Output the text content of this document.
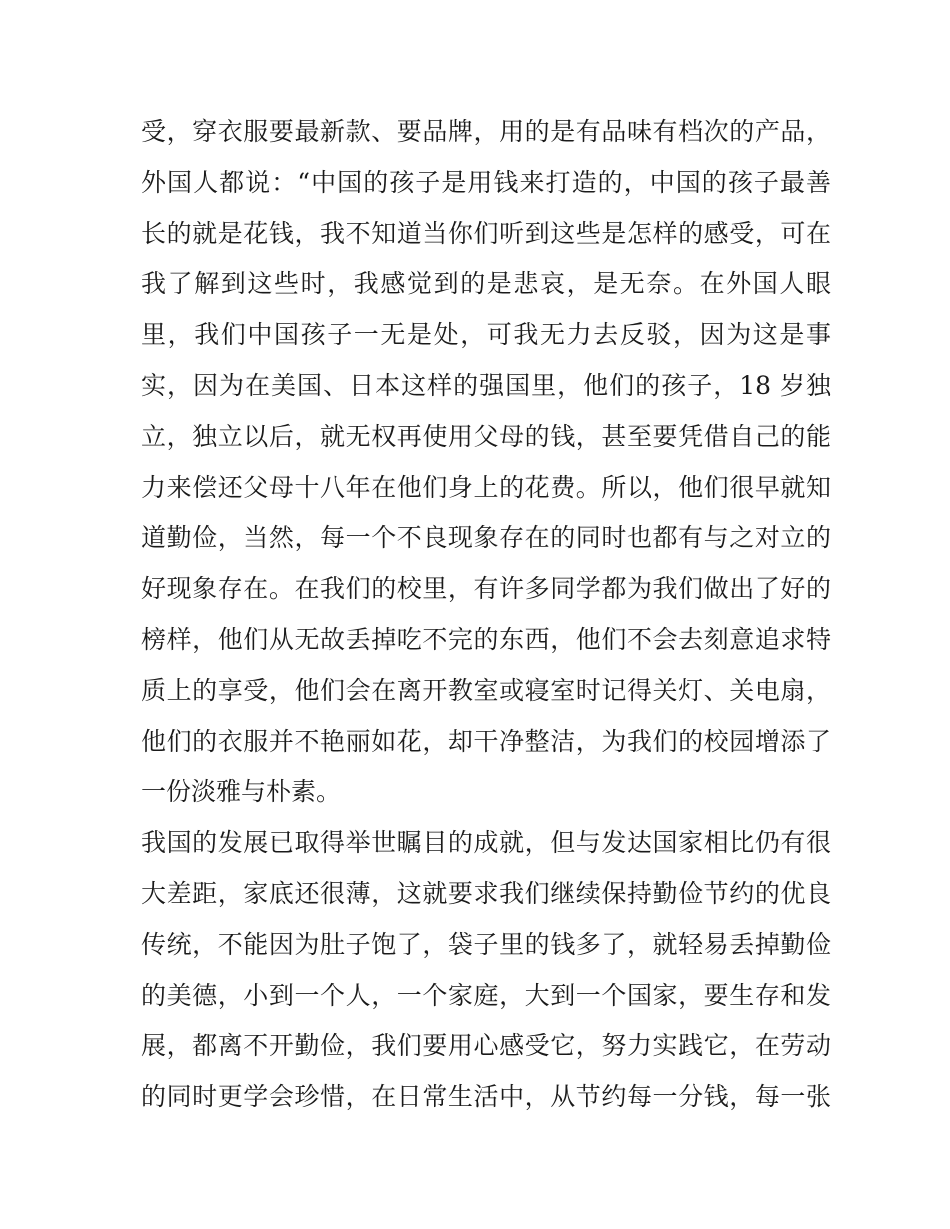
受，穿衣服要最新款、要品牌，用的是有品味有档次的产品，
外国人都说：“中国的孩子是用钱来打造的，中国的孩子最善
长的就是花钱，我不知道当你们听到这些是怎样的感受，可在
我了解到这些时，我感觉到的是悲哀，是无奈。在外国人眼
里，我们中国孩子一无是处，可我无力去反驳，因为这是事
实，因为在美国、日本这样的强国里，他们的孩子，18 岁独
立，独立以后，就无权再使用父母的钱，甚至要凭借自己的能
力来偿还父母十八年在他们身上的花费。所以，他们很早就知
道勤俭，当然，每一个不良现象存在的同时也都有与之对立的
好现象存在。在我们的校里，有许多同学都为我们做出了好的
榜样，他们从无故丢掉吃不完的东西，他们不会去刻意追求特
质上的享受，他们会在离开教室或寝室时记得关灯、关电扇，
他们的衣服并不艳丽如花，却干净整洁，为我们的校园增添了
一份淡雅与朴素。
我国的发展已取得举世瞩目的成就，但与发达国家相比仍有很
大差距，家底还很薄，这就要求我们继续保持勤俭节约的优良
传统，不能因为肚子饱了，袋子里的钱多了，就轻易丢掉勤俭
的美德，小到一个人，一个家庭，大到一个国家，要生存和发
展，都离不开勤俭，我们要用心感受它，努力实践它，在劳动
的同时更学会珍惜，在日常生活中，从节约每一分钱，每一张
